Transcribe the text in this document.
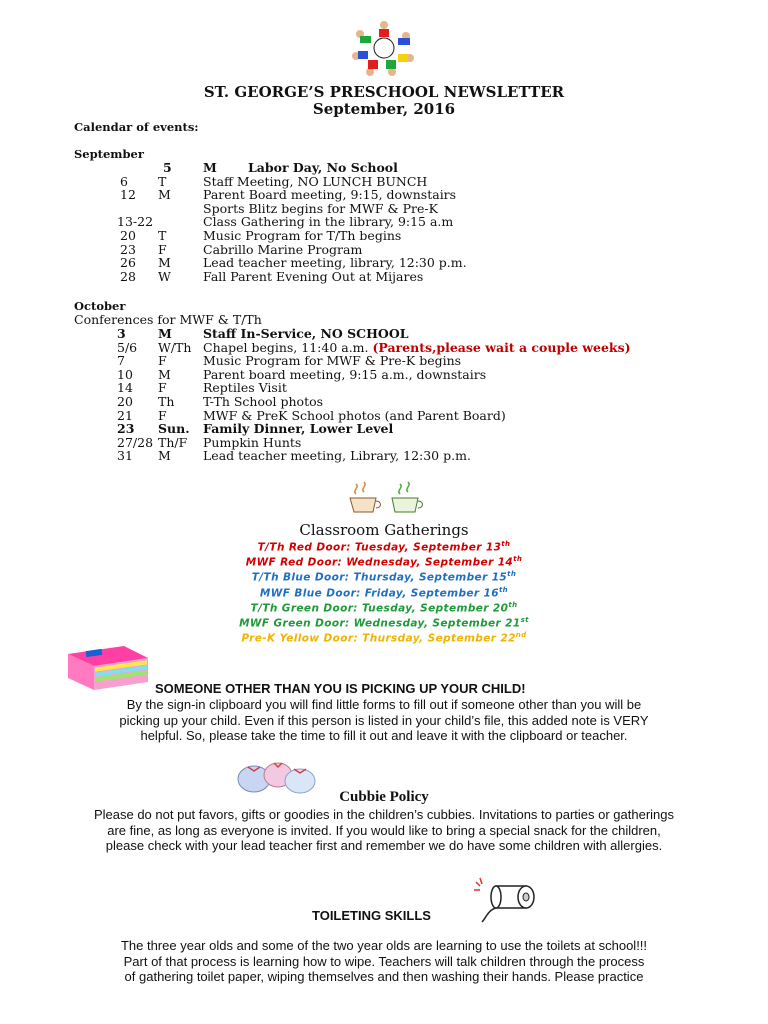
ST. GEORGE’S PRESCHOOL NEWSLETTER
September, 2016
Calendar of events:
September
5	M Labor Day, No School
6 T	Staff Meeting, NO LUNCH BUNCH
12 M	Parent Board meeting, 9:15, downstairs
Sports Blitz begins for MWF & Pre-K
13-22	Class Gathering in the library, 9:15 a.m
20 T	Music Program for T/Th begins
23 F	Cabrillo Marine Program
26 M	Lead teacher meeting, library, 12:30 p.m.
28 W	Fall Parent Evening Out at Mijares
October
Conferences for MWF & T/Th
3	M Staff In-Service, NO SCHOOL
5/6 W/Th Chapel begins, 11:40 a.m. (Parents,please wait a couple weeks)
7	F	Music Program for MWF & Pre-K begins
10 M	Parent board meeting, 9:15 a.m., downstairs
14 F	Reptiles Visit
20 Th T-Th School photos
21 F	MWF & PreK School photos (and Parent Board)
23 Sun. Family Dinner, Lower Level
27/28 Th/F Pumpkin Hunts
31 M	Lead teacher meeting, Library, 12:30 p.m.
Classroom Gatherings
T/Th Red Door: Tuesday, September 13th
MWF Red Door: Wednesday, September 14th
T/Th Blue Door: Thursday, September 15th
MWF Blue Door: Friday, September 16th
T/Th Green Door: Tuesday, September 20th
MWF Green Door: Wednesday, September 21st
Pre-K Yellow Door: Thursday, September 22nd
SOMEONE OTHER THAN YOU IS PICKING UP YOUR CHILD!
By the sign-in clipboard you will find little forms to fill out if someone other than you will be
picking up your child. Even if this person is listed in your child’s file, this added note is VERY
helpful. So, please take the time to fill it out and leave it with the clipboard or teacher.
Cubbie Policy
Please do not put favors, gifts or goodies in the children’s cubbies. Invitations to parties or gatherings
are fine, as long as everyone is invited. If you would like to bring a special snack for the children,
please check with your lead teacher first and remember we do have some children with allergies.
TOILETING SKILLS
The three year olds and some of the two year olds are learning to use the toilets at school!!!
Part of that process is learning how to wipe. Teachers will talk children through the process
of gathering toilet paper, wiping themselves and then washing their hands. Please practice
